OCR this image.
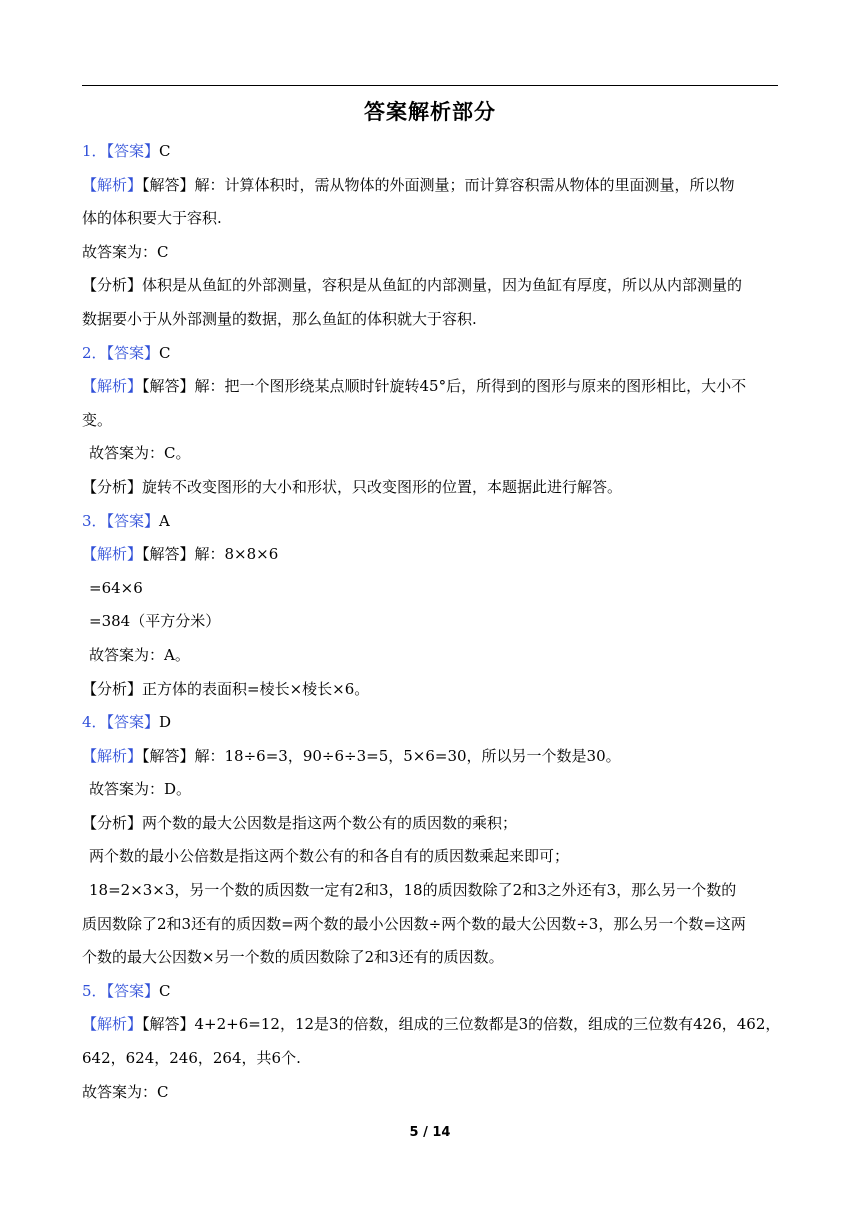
答案解析部分
1．【答案】C
【解析】【解答】解：计算体积时，需从物体的外面测量；而计算容积需从物体的里面测量，所以物
体的体积要大于容积.
故答案为：C
【分析】体积是从鱼缸的外部测量，容积是从鱼缸的内部测量，因为鱼缸有厚度，所以从内部测量的
数据要小于从外部测量的数据，那么鱼缸的体积就大于容积.
2．【答案】C
【解析】【解答】解：把一个图形绕某点顺时针旋转45°后，所得到的图形与原来的图形相比，大小不
变。
故答案为：C。
【分析】旋转不改变图形的大小和形状，只改变图形的位置，本题据此进行解答。
3．【答案】A
【解析】【解答】解：8×8×6
=64×6
=384（平方分米）
故答案为：A。
【分析】正方体的表面积=棱长×棱长×6。
4．【答案】D
【解析】【解答】解：18÷6=3，90÷6÷3=5，5×6=30，所以另一个数是30。
故答案为：D。
【分析】两个数的最大公因数是指这两个数公有的质因数的乘积；
两个数的最小公倍数是指这两个数公有的和各自有的质因数乘起来即可；
18=2×3×3，另一个数的质因数一定有2和3，18的质因数除了2和3之外还有3，那么另一个数的
质因数除了2和3还有的质因数=两个数的最小公因数÷两个数的最大公因数÷3，那么另一个数=这两
个数的最大公因数×另一个数的质因数除了2和3还有的质因数。
5．【答案】C
【解析】【解答】4+2+6=12，12是3的倍数，组成的三位数都是3的倍数，组成的三位数有426，462，
642，624，246，264，共6个.
故答案为：C
5 / 14
